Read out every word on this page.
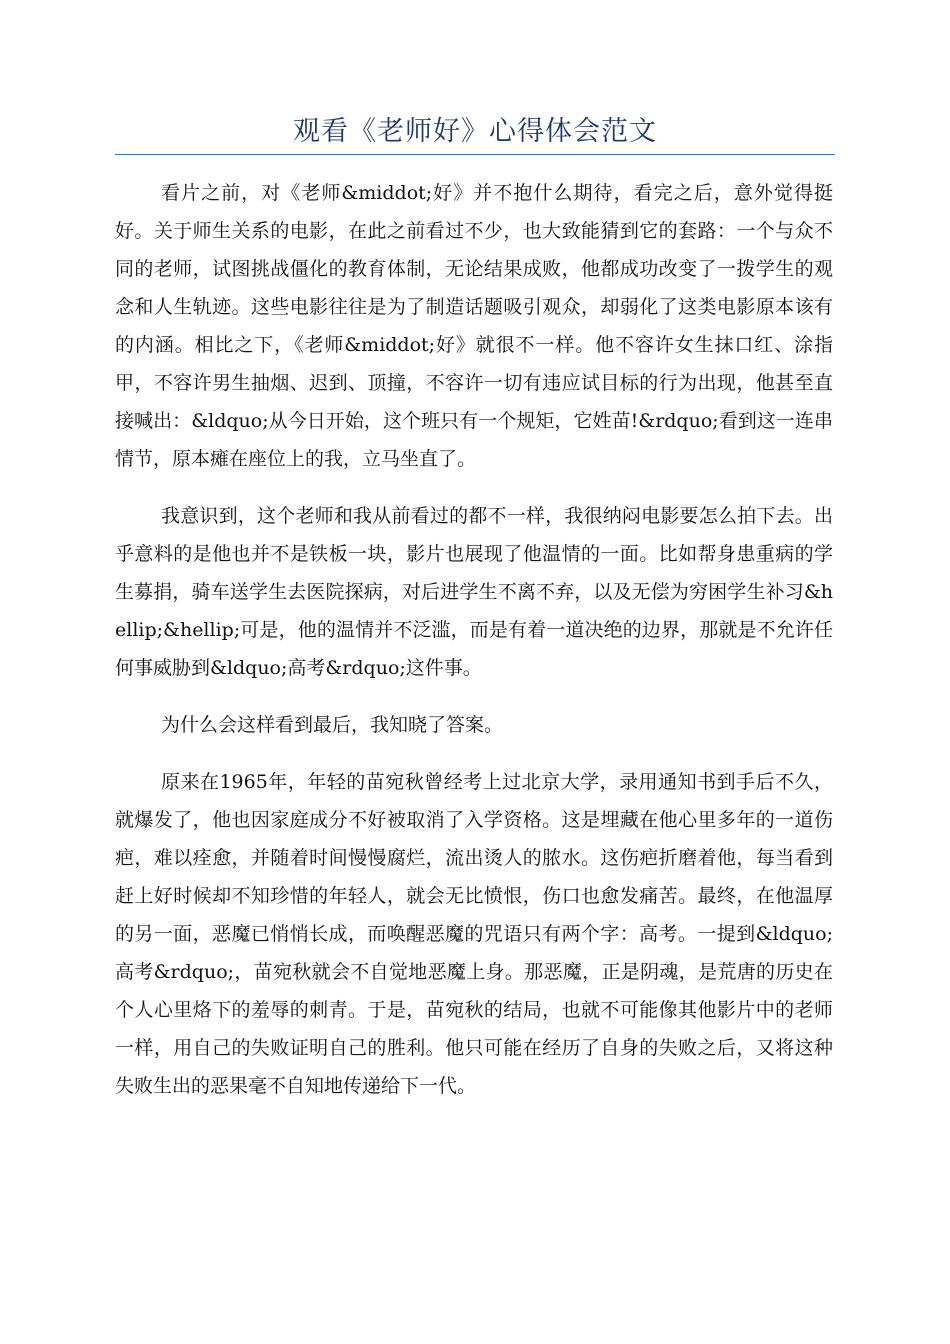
观看《老师好》心得体会范文

看片之前，对《老师&middot;好》并不抱什么期待，看完之后，意外觉得挺好。关于师生关系的电影，在此之前看过不少，也大致能猜到它的套路：一个与众不同的老师，试图挑战僵化的教育体制，无论结果成败，他都成功改变了一拨学生的观念和人生轨迹。这些电影往往是为了制造话题吸引观众，却弱化了这类电影原本该有的内涵。相比之下，《老师&middot;好》就很不一样。他不容许女生抹口红、涂指甲，不容许男生抽烟、迟到、顶撞，不容许一切有违应试目标的行为出现，他甚至直接喊出：&ldquo;从今日开始，这个班只有一个规矩，它姓苗!&rdquo;看到这一连串情节，原本瘫在座位上的我，立马坐直了。

我意识到，这个老师和我从前看过的都不一样，我很纳闷电影要怎么拍下去。出乎意料的是他也并不是铁板一块，影片也展现了他温情的一面。比如帮身患重病的学生募捐，骑车送学生去医院探病，对后进学生不离不弃，以及无偿为穷困学生补习&hellip;&hellip;可是，他的温情并不泛滥，而是有着一道决绝的边界，那就是不允许任何事威胁到&ldquo;高考&rdquo;这件事。

为什么会这样看到最后，我知晓了答案。

原来在1965年，年轻的苗宛秋曾经考上过北京大学，录用通知书到手后不久，就爆发了，他也因家庭成分不好被取消了入学资格。这是埋藏在他心里多年的一道伤疤，难以痊愈，并随着时间慢慢腐烂，流出烫人的脓水。这伤疤折磨着他，每当看到赶上好时候却不知珍惜的年轻人，就会无比愤恨，伤口也愈发痛苦。最终，在他温厚的另一面，恶魔已悄悄长成，而唤醒恶魔的咒语只有两个字：高考。一提到&ldquo;高考&rdquo;，苗宛秋就会不自觉地恶魔上身。那恶魔，正是阴魂，是荒唐的历史在个人心里烙下的羞辱的刺青。于是，苗宛秋的结局，也就不可能像其他影片中的老师一样，用自己的失败证明自己的胜利。他只可能在经历了自身的失败之后，又将这种失败生出的恶果毫不自知地传递给下一代。
